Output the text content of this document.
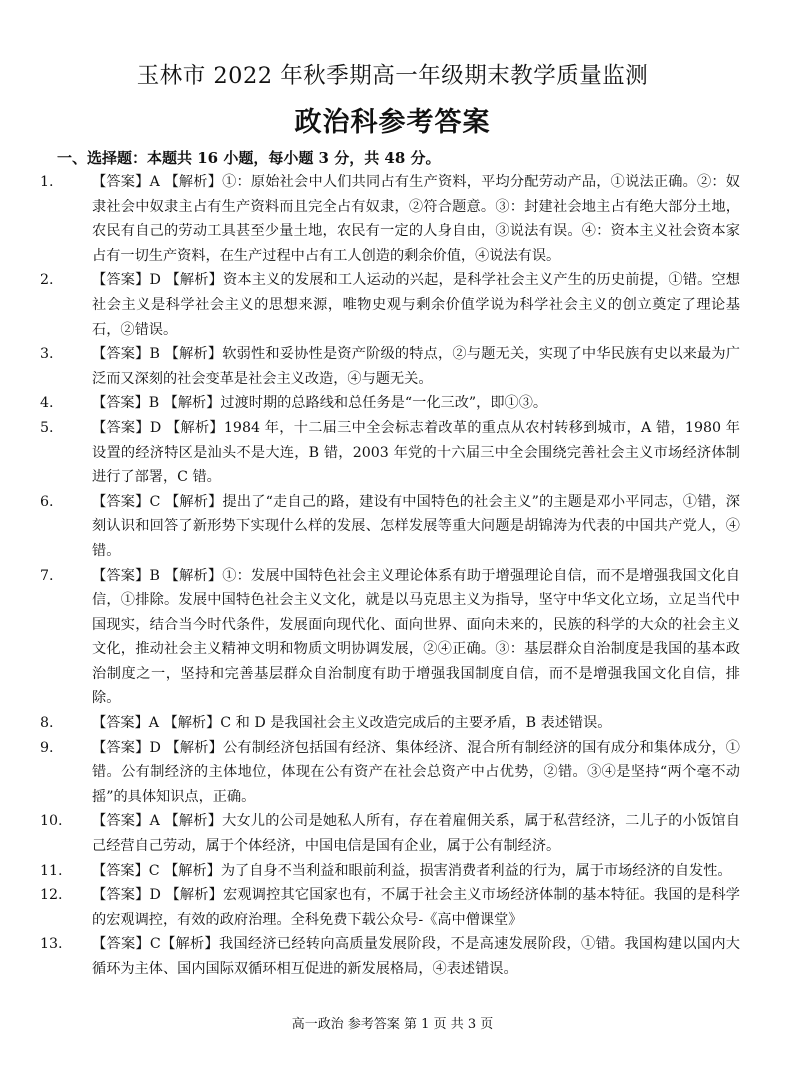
玉林市 2022 年秋季期高一年级期末教学质量监测
政治科参考答案
一、选择题：本题共 16 小题，每小题 3 分，共 48 分。

1.	【答案】A 【解析】①：原始社会中人们共同占有生产资料，平均分配劳动产品，①说法正确。②：奴隶社会中奴隶主占有生产资料而且完全占有奴隶，②符合题意。③：封建社会地主占有绝大部分土地，农民有自己的劳动工具甚至少量土地，农民有一定的人身自由，③说法有误。④：资本主义社会资本家占有一切生产资料，在生产过程中占有工人创造的剩余价值，④说法有误。

2.	【答案】D 【解析】资本主义的发展和工人运动的兴起，是科学社会主义产生的历史前提，①错。空想社会主义是科学社会主义的思想来源，唯物史观与剩余价值学说为科学社会主义的创立奠定了理论基石，②错误。

3.	【答案】B 【解析】软弱性和妥协性是资产阶级的特点，②与题无关，实现了中华民族有史以来最为广泛而又深刻的社会变革是社会主义改造，④与题无关。

4.	【答案】B 【解析】过渡时期的总路线和总任务是“一化三改”，即①③。

5.	【答案】D 【解析】1984 年，十二届三中全会标志着改革的重点从农村转移到城市，A 错，1980 年设置的经济特区是汕头不是大连，B 错，2003 年党的十六届三中全会围绕完善社会主义市场经济体制进行了部署，C 错。

6.	【答案】C 【解析】提出了“走自己的路，建设有中国特色的社会主义”的主题是邓小平同志，①错，深刻认识和回答了新形势下实现什么样的发展、怎样发展等重大问题是胡锦涛为代表的中国共产党人，④错。

7.	【答案】B 【解析】①：发展中国特色社会主义理论体系有助于增强理论自信，而不是增强我国文化自信，①排除。发展中国特色社会主义文化，就是以马克思主义为指导，坚守中华文化立场，立足当代中国现实，结合当今时代条件，发展面向现代化、面向世界、面向未来的，民族的科学的大众的社会主义文化，推动社会主义精神文明和物质文明协调发展，②④正确。③：基层群众自治制度是我国的基本政治制度之一，坚持和完善基层群众自治制度有助于增强我国制度自信，而不是增强我国文化自信，排除。

8.	【答案】A 【解析】C 和 D 是我国社会主义改造完成后的主要矛盾，B 表述错误。

9.	【答案】D 【解析】公有制经济包括国有经济、集体经济、混合所有制经济的国有成分和集体成分，①错。公有制经济的主体地位，体现在公有资产在社会总资产中占优势，②错。③④是坚持“两个毫不动摇”的具体知识点，正确。

10.	【答案】A 【解析】大女儿的公司是她私人所有，存在着雇佣关系，属于私营经济，二儿子的小饭馆自己经营自己劳动，属于个体经济，中国电信是国有企业，属于公有制经济。

11.	【答案】C 【解析】为了自身不当利益和眼前利益，损害消费者利益的行为，属于市场经济的自发性。

12.	【答案】D 【解析】宏观调控其它国家也有，不属于社会主义市场经济体制的基本特征。我国的是科学的宏观调控，有效的政府治理。全科免费下载公众号-《高中僧课堂》

13.	【答案】C【解析】我国经济已经转向高质量发展阶段，不是高速发展阶段，①错。我国构建以国内大循环为主体、国内国际双循环相互促进的新发展格局，④表述错误。

高一政治 参考答案 第 1 页 共 3 页
